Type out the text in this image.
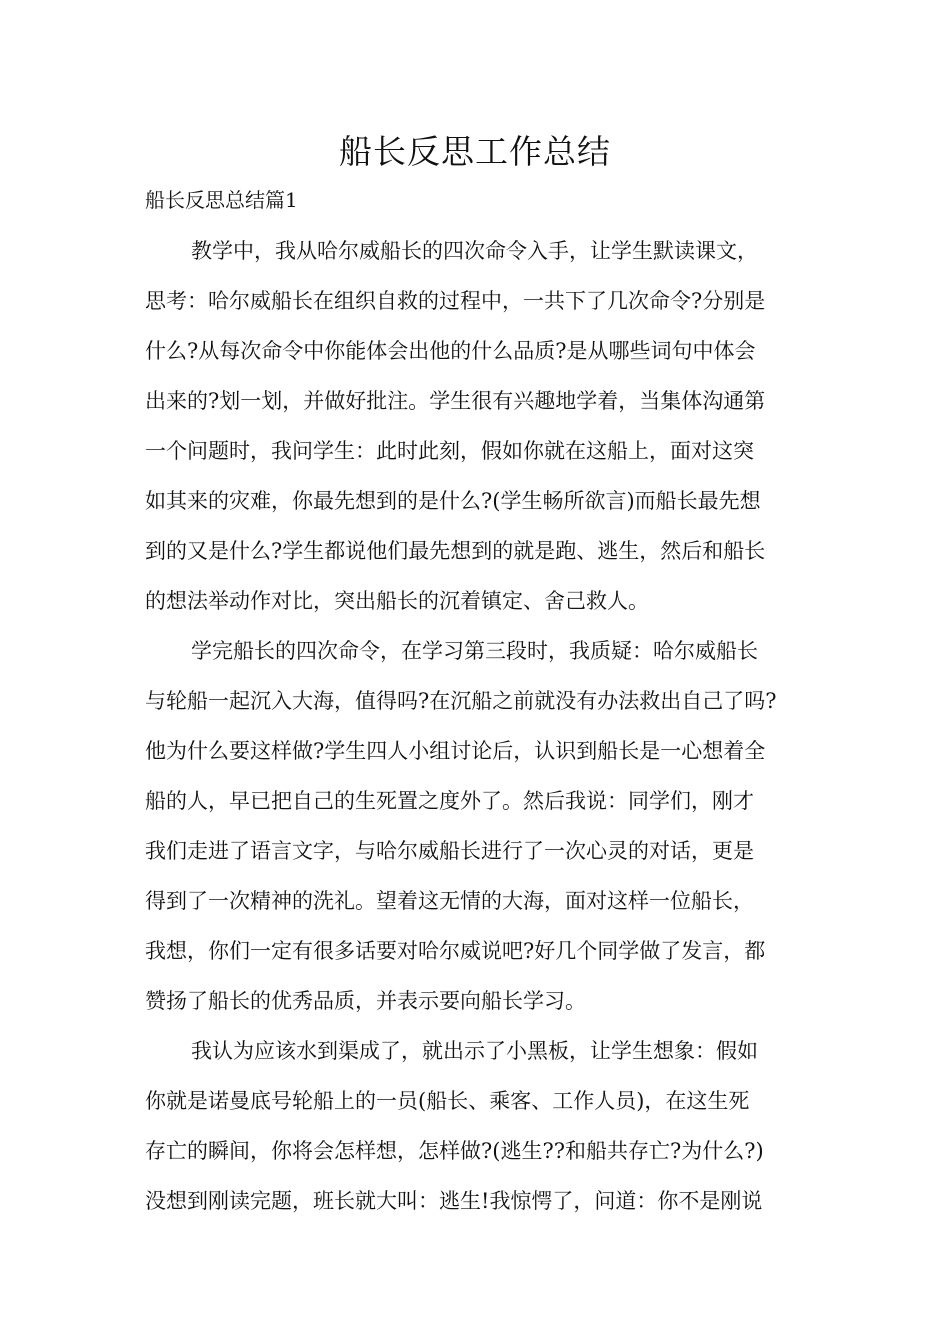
船长反思工作总结
船长反思总结篇1
教学中，我从哈尔威船长的四次命令入手，让学生默读课文，
思考：哈尔威船长在组织自救的过程中，一共下了几次命令?分别是
什么?从每次命令中你能体会出他的什么品质?是从哪些词句中体会
出来的?划一划，并做好批注。学生很有兴趣地学着，当集体沟通第
一个问题时，我问学生：此时此刻，假如你就在这船上，面对这突
如其来的灾难，你最先想到的是什么?(学生畅所欲言)而船长最先想
到的又是什么?学生都说他们最先想到的就是跑、逃生，然后和船长
的想法举动作对比，突出船长的沉着镇定、舍己救人。
学完船长的四次命令，在学习第三段时，我质疑：哈尔威船长
与轮船一起沉入大海，值得吗?在沉船之前就没有办法救出自己了吗?
他为什么要这样做?学生四人小组讨论后，认识到船长是一心想着全
船的人，早已把自己的生死置之度外了。然后我说：同学们，刚才
我们走进了语言文字，与哈尔威船长进行了一次心灵的对话，更是
得到了一次精神的洗礼。望着这无情的大海，面对这样一位船长，
我想，你们一定有很多话要对哈尔威说吧?好几个同学做了发言，都
赞扬了船长的优秀品质，并表示要向船长学习。
我认为应该水到渠成了，就出示了小黑板，让学生想象：假如
你就是诺曼底号轮船上的一员(船长、乘客、工作人员)，在这生死
存亡的瞬间，你将会怎样想，怎样做?(逃生??和船共存亡?为什么?)
没想到刚读完题，班长就大叫：逃生!我惊愕了，问道：你不是刚说
